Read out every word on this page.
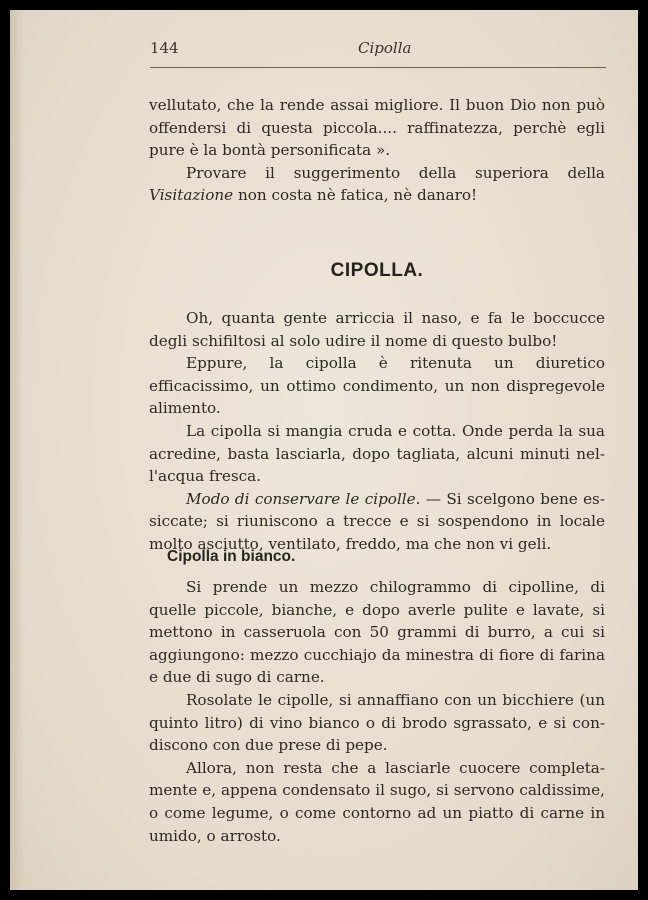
144	Cipolla

vellutato, che la rende assai migliore. Il buon Dio non può offendersi di questa piccola.... raffinatezza, perchè egli pure è la bontà personificata ».

Provare il suggerimento della superiora della Visitazione non costa nè fatica, nè danaro!

CIPOLLA.

Oh, quanta gente arriccia il naso, e fa le boccucce degli schifiltosi al solo udire il nome di questo bulbo!

Eppure, la cipolla è ritenuta un diuretico efficacissimo, un ottimo condimento, un non dispregevole alimento.

La cipolla si mangia cruda e cotta. Onde perda la sua acredine, basta lasciarla, dopo tagliata, alcuni minuti nel- l'acqua fresca.

Modo di conservare le cipolle. — Si scelgono bene es- siccate; si riuniscono a trecce e si sospendono in locale molto asciutto, ventilato, freddo, ma che non vi geli.

Cipolla in bianco.

Si prende un mezzo chilogrammo di cipolline, di quelle piccole, bianche, e dopo averle pulite e lavate, si mettono in casseruola con 50 grammi di burro, a cui si aggiungono: mezzo cucchiajo da minestra di fiore di farina e due di sugo di carne.

Rosolate le cipolle, si annaffiano con un bicchiere (un quinto litro) di vino bianco o di brodo sgrassato, e si con- discono con due prese di pepe.

Allora, non resta che a lasciarle cuocere completa- mente e, appena condensato il sugo, si servono caldissime, o come legume, o come contorno ad un piatto di carne in umido, o arrosto.
